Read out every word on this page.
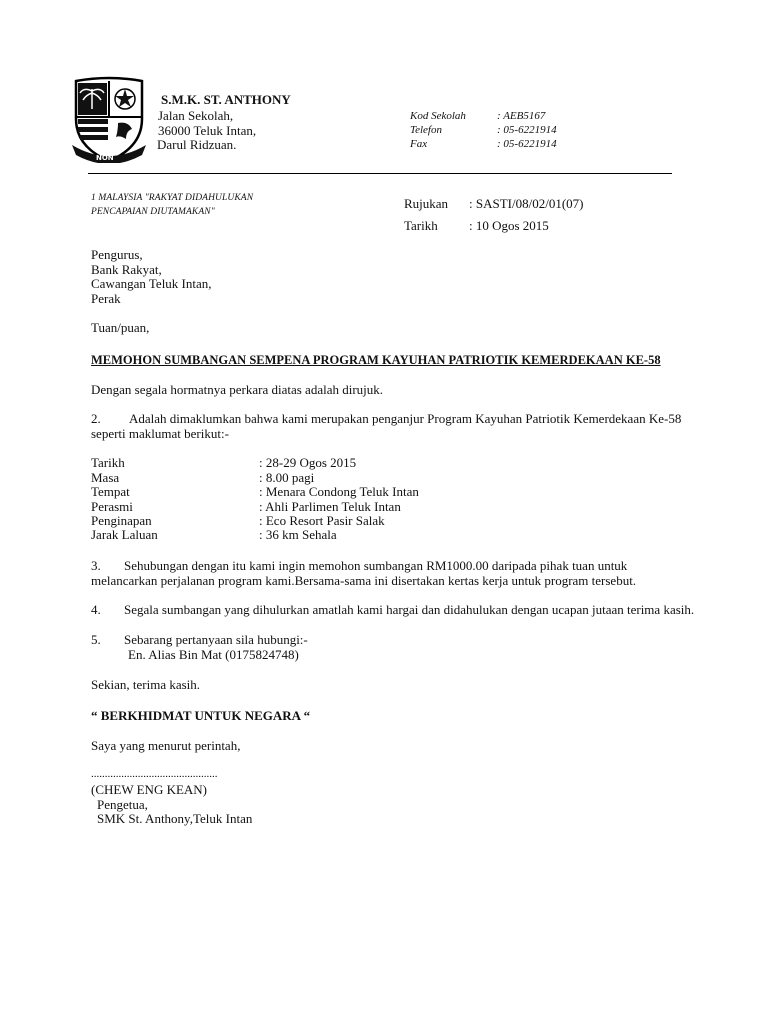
NON
S.M.K. ST. ANTHONY
Jalan Sekolah,
36000 Teluk Intan,
Darul Ridzuan.
Kod Sekolah	: AEB5167
Telefon	: 05-6221914
Fax	: 05-6221914
1 MALAYSIA "RAKYAT DIDAHULUKAN
PENCAPAIAN DIUTAMAKAN"
Rujukan : SASTI/08/02/01(07)
Tarikh : 10 Ogos 2015
Pengurus,
Bank Rakyat,
Cawangan Teluk Intan,
Perak
Tuan/puan,
MEMOHON SUMBANGAN SEMPENA PROGRAM KAYUHAN PATRIOTIK KEMERDEKAAN KE-58
Dengan segala hormatnya perkara diatas adalah dirujuk.
2. Adalah dimaklumkan bahwa kami merupakan penganjur Program Kayuhan Patriotik Kemerdekaan Ke-58
seperti maklumat berikut:-
Tarikh	: 28-29 Ogos 2015
Masa	: 8.00 pagi
Tempat	: Menara Condong Teluk Intan
Perasmi	: Ahli Parlimen Teluk Intan
Penginapan	: Eco Resort Pasir Salak
Jarak Laluan	: 36 km Sehala
3. Sehubungan dengan itu kami ingin memohon sumbangan RM1000.00 daripada pihak tuan untuk
melancarkan perjalanan program kami.Bersama-sama ini disertakan kertas kerja untuk program tersebut.
4. Segala sumbangan yang dihulurkan amatlah kami hargai dan didahulukan dengan ucapan jutaan terima kasih.
5. Sebarang pertanyaan sila hubungi:-
En. Alias Bin Mat (0175824748)
Sekian, terima kasih.
“ BERKHIDMAT UNTUK NEGARA “
Saya yang menurut perintah,
..............................................
(CHEW ENG KEAN)
Pengetua,
SMK St. Anthony,Teluk Intan
